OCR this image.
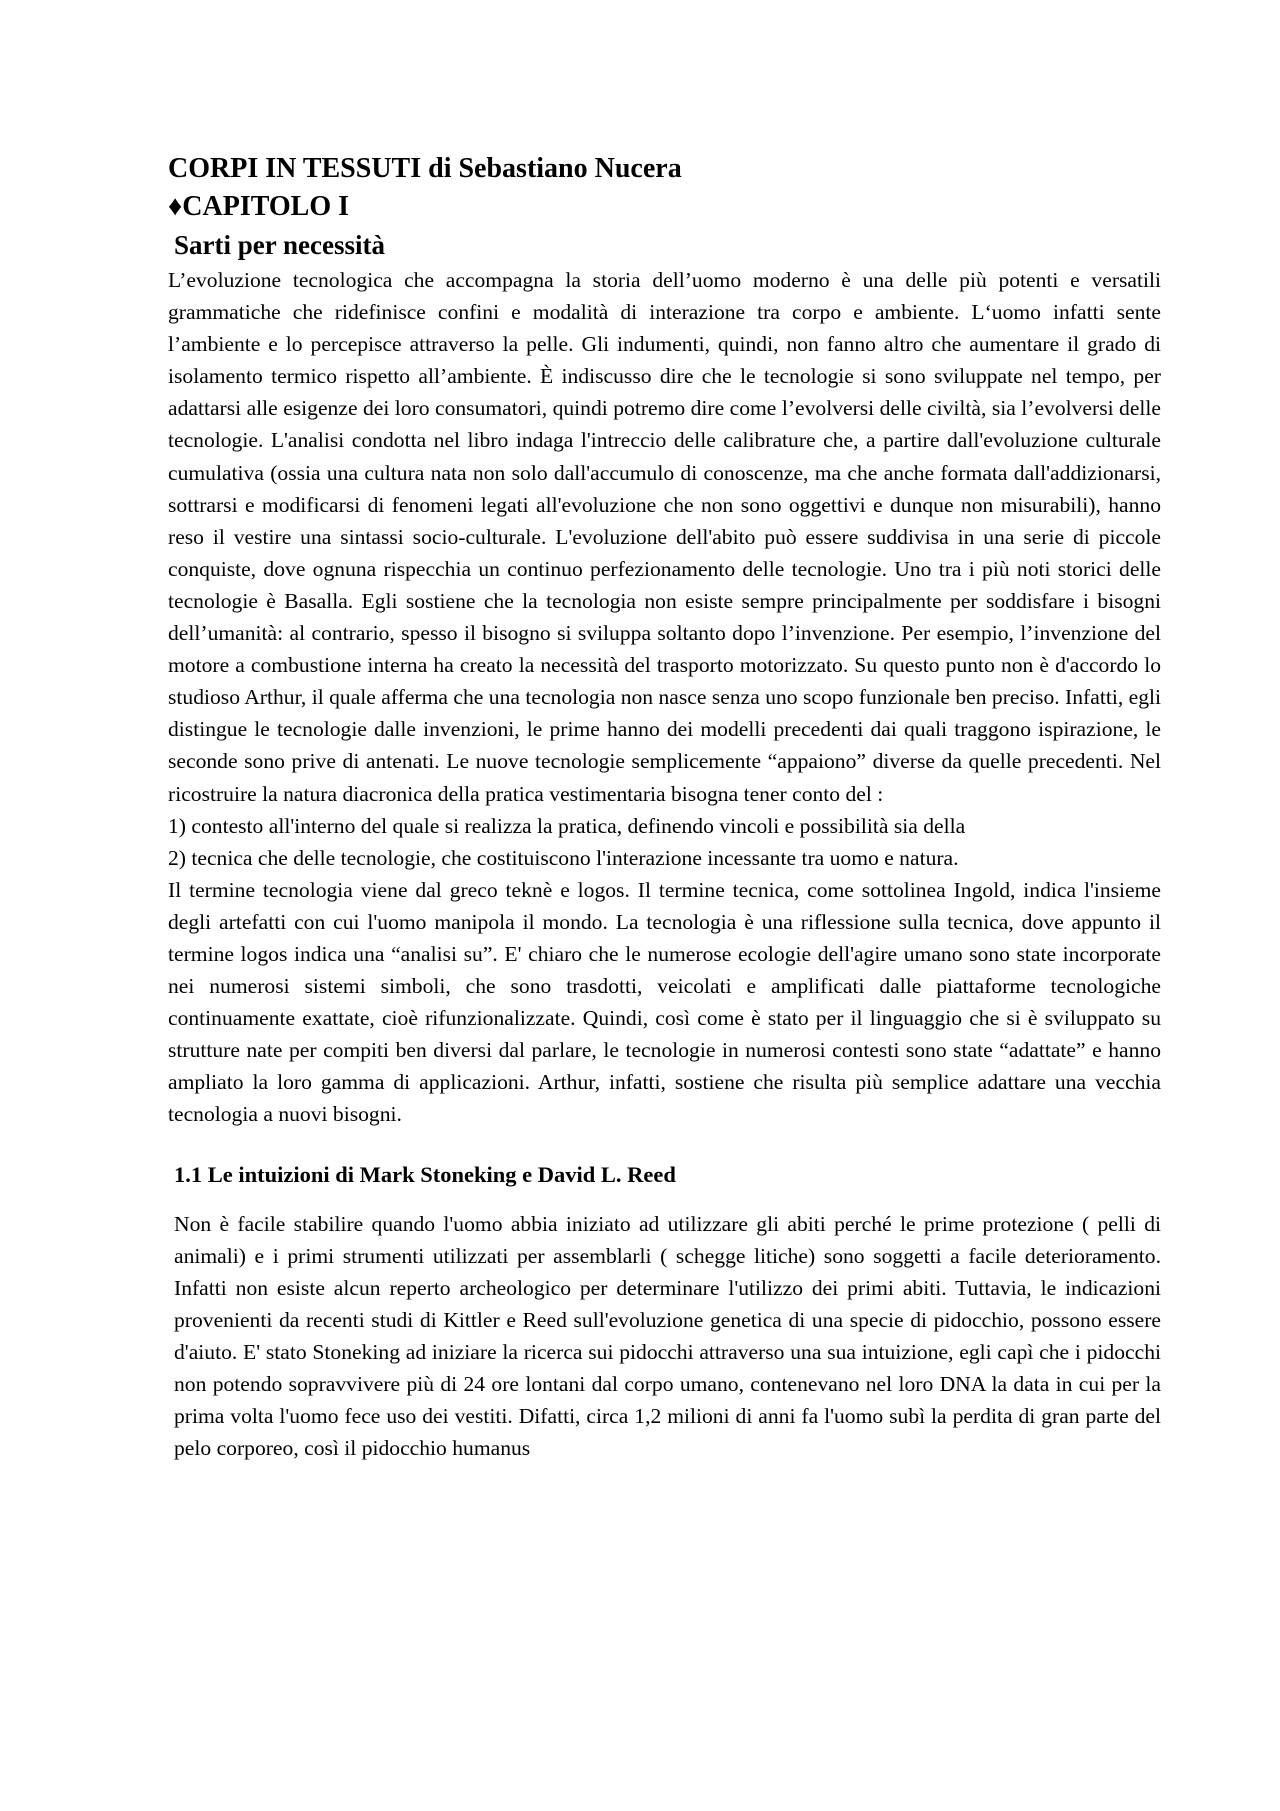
CORPI IN TESSUTI di Sebastiano Nucera

♦CAPITOLO I

Sarti per necessità

L’evoluzione tecnologica che accompagna la storia dell’uomo moderno è una delle più potenti e versatili grammatiche che ridefinisce confini e modalità di interazione tra corpo e ambiente. L‘uomo infatti sente l’ambiente e lo percepisce attraverso la pelle. Gli indumenti, quindi, non fanno altro che aumentare il grado di isolamento termico rispetto all’ambiente. È indiscusso dire che le tecnologie si sono sviluppate nel tempo, per adattarsi alle esigenze dei loro consumatori, quindi potremo dire come l’evolversi delle civiltà, sia l’evolversi delle tecnologie. L'analisi condotta nel libro indaga l'intreccio delle calibrature che, a partire dall'evoluzione culturale cumulativa (ossia una cultura nata non solo dall'accumulo di conoscenze, ma che anche formata dall'addizionarsi, sottrarsi e modificarsi di fenomeni legati all'evoluzione che non sono oggettivi e dunque non misurabili), hanno reso il vestire una sintassi socio-culturale. L'evoluzione dell'abito può essere suddivisa in una serie di piccole conquiste, dove ognuna rispecchia un continuo perfezionamento delle tecnologie. Uno tra i più noti storici delle tecnologie è Basalla. Egli sostiene che la tecnologia non esiste sempre principalmente per soddisfare i bisogni dell’umanità: al contrario, spesso il bisogno si sviluppa soltanto dopo l’invenzione. Per esempio, l’invenzione del motore a combustione interna ha creato la necessità del trasporto motorizzato. Su questo punto non è d'accordo lo studioso Arthur, il quale afferma che una tecnologia non nasce senza uno scopo funzionale ben preciso. Infatti, egli distingue le tecnologie dalle invenzioni, le prime hanno dei modelli precedenti dai quali traggono ispirazione, le seconde sono prive di antenati. Le nuove tecnologie semplicemente “appaiono” diverse da quelle precedenti. Nel ricostruire la natura diacronica della pratica vestimentaria bisogna tener conto del :

1) contesto all'interno del quale si realizza la pratica, definendo vincoli e possibilità sia della

2) tecnica che delle tecnologie, che costituiscono l'interazione incessante tra uomo e natura.

Il termine tecnologia viene dal greco teknè e logos. Il termine tecnica, come sottolinea Ingold, indica l'insieme degli artefatti con cui l'uomo manipola il mondo. La tecnologia è una riflessione sulla tecnica, dove appunto il termine logos indica una “analisi su”. E' chiaro che le numerose ecologie dell'agire umano sono state incorporate nei numerosi sistemi simboli, che sono trasdotti, veicolati e amplificati dalle piattaforme tecnologiche continuamente exattate, cioè rifunzionalizzate. Quindi, così come è stato per il linguaggio che si è sviluppato su strutture nate per compiti ben diversi dal parlare, le tecnologie in numerosi contesti sono state “adattate” e hanno ampliato la loro gamma di applicazioni. Arthur, infatti, sostiene che risulta più semplice adattare una vecchia tecnologia a nuovi bisogni.

1.1 Le intuizioni di Mark Stoneking e David L. Reed

Non è facile stabilire quando l'uomo abbia iniziato ad utilizzare gli abiti perché le prime protezione ( pelli di animali) e i primi strumenti utilizzati per assemblarli ( schegge litiche) sono soggetti a facile deterioramento. Infatti non esiste alcun reperto archeologico per determinare l'utilizzo dei primi abiti. Tuttavia, le indicazioni provenienti da recenti studi di Kittler e Reed sull'evoluzione genetica di una specie di pidocchio, possono essere d'aiuto. E' stato Stoneking ad iniziare la ricerca sui pidocchi attraverso una sua intuizione, egli capì che i pidocchi non potendo sopravvivere più di 24 ore lontani dal corpo umano, contenevano nel loro DNA la data in cui per la prima volta l'uomo fece uso dei vestiti. Difatti, circa 1,2 milioni di anni fa l'uomo subì la perdita di gran parte del pelo corporeo, così il pidocchio humanus
